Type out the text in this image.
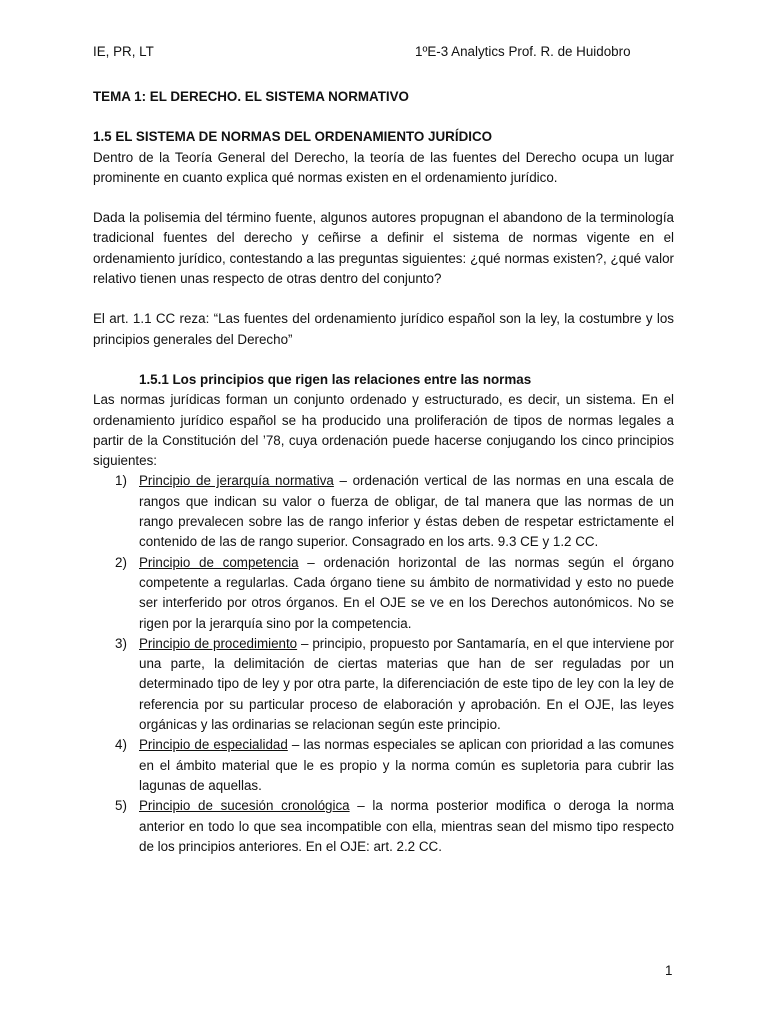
IE, PR, LT	1ºE-3 Analytics Prof. R. de Huidobro
TEMA 1: EL DERECHO. EL SISTEMA NORMATIVO
1.5 EL SISTEMA DE NORMAS DEL ORDENAMIENTO JURÍDICO

Dentro de la Teoría General del Derecho, la teoría de las fuentes del Derecho ocupa un lugar prominente en cuanto explica qué normas existen en el ordenamiento jurídico.

Dada la polisemia del término fuente, algunos autores propugnan el abandono de la terminología tradicional fuentes del derecho y ceñirse a definir el sistema de normas vigente en el ordenamiento jurídico, contestando a las preguntas siguientes: ¿qué normas existen?, ¿qué valor relativo tienen unas respecto de otras dentro del conjunto?

El art. 1.1 CC reza: “Las fuentes del ordenamiento jurídico español son la ley, la costumbre y los principios generales del Derecho”

1.5.1 Los principios que rigen las relaciones entre las normas

Las normas jurídicas forman un conjunto ordenado y estructurado, es decir, un sistema. En el ordenamiento jurídico español se ha producido una proliferación de tipos de normas legales a partir de la Constitución del ’78, cuya ordenación puede hacerse conjugando los cinco principios siguientes:

1) Principio de jerarquía normativa – ordenación vertical de las normas en una escala de rangos que indican su valor o fuerza de obligar, de tal manera que las normas de un rango prevalecen sobre las de rango inferior y éstas deben de respetar estrictamente el contenido de las de rango superior. Consagrado en los arts. 9.3 CE y 1.2 CC.
2) Principio de competencia – ordenación horizontal de las normas según el órgano competente a regularlas. Cada órgano tiene su ámbito de normatividad y esto no puede ser interferido por otros órganos. En el OJE se ve en los Derechos autonómicos. No se rigen por la jerarquía sino por la competencia.
3) Principio de procedimiento – principio, propuesto por Santamaría, en el que interviene por una parte, la delimitación de ciertas materias que han de ser reguladas por un determinado tipo de ley y por otra parte, la diferenciación de este tipo de ley con la ley de referencia por su particular proceso de elaboración y aprobación. En el OJE, las leyes orgánicas y las ordinarias se relacionan según este principio.
4) Principio de especialidad – las normas especiales se aplican con prioridad a las comunes en el ámbito material que le es propio y la norma común es supletoria para cubrir las lagunas de aquellas.
5) Principio de sucesión cronológica – la norma posterior modifica o deroga la norma anterior en todo lo que sea incompatible con ella, mientras sean del mismo tipo respecto de los principios anteriores. En el OJE: art. 2.2 CC.
1
